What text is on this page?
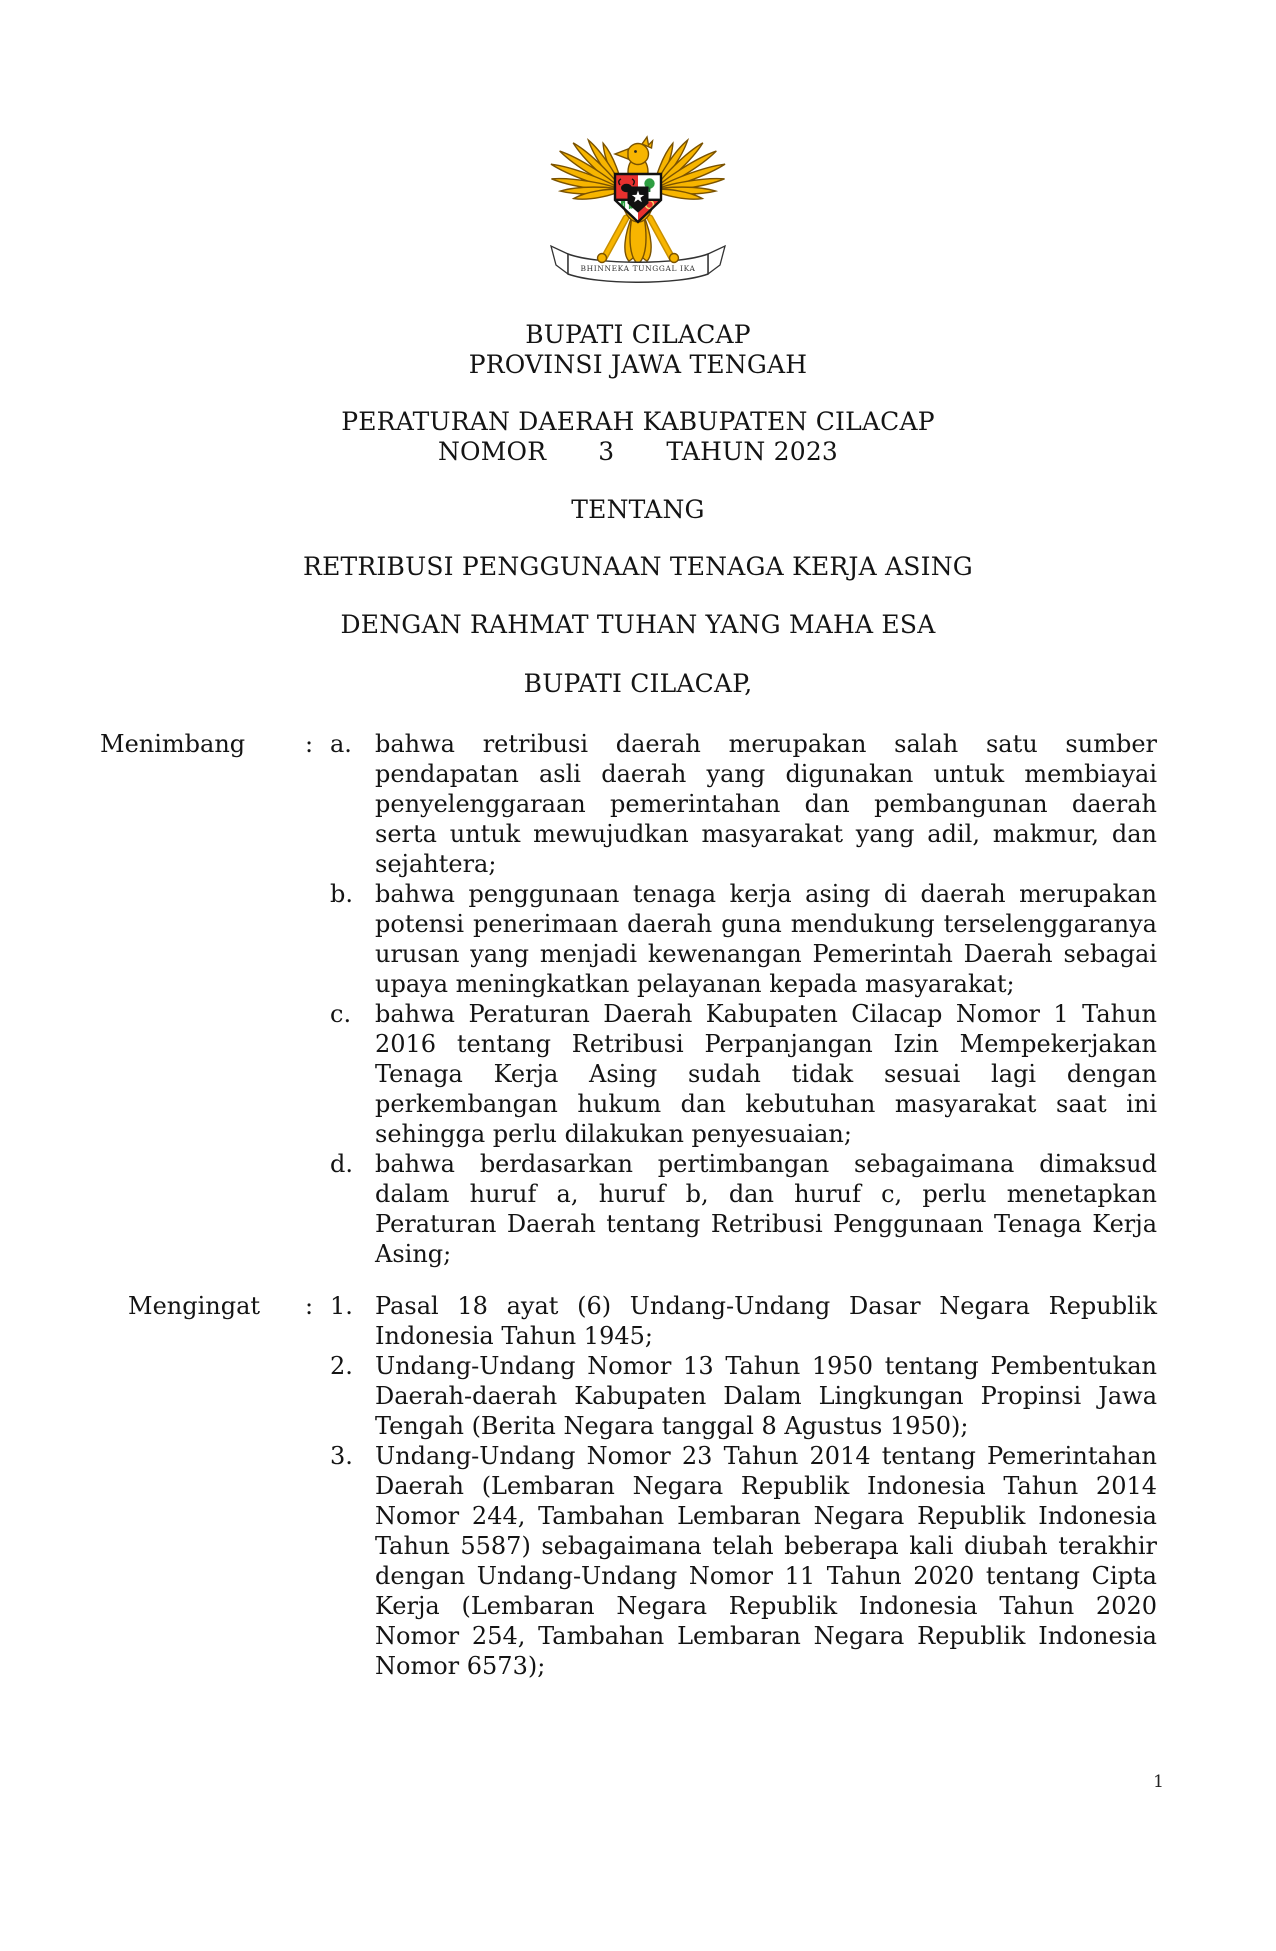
BHINNEKA TUNGGAL IKA
BUPATI CILACAP
PROVINSI JAWA TENGAH
PERATURAN DAERAH KABUPATEN CILACAP
NOMOR 3 TAHUN 2023
TENTANG
RETRIBUSI PENGGUNAAN TENAGA KERJA ASING
DENGAN RAHMAT TUHAN YANG MAHA ESA
BUPATI CILACAP,
Menimbang	: a. bahwa retribusi daerah merupakan salah satu sumber pendapatan asli daerah yang digunakan untuk membiayai penyelenggaraan pemerintahan dan pembangunan daerah serta untuk mewujudkan masyarakat yang adil, makmur, dan sejahtera;
b. bahwa penggunaan tenaga kerja asing di daerah merupakan potensi penerimaan daerah guna mendukung terselenggaranya urusan yang menjadi kewenangan Pemerintah Daerah sebagai upaya meningkatkan pelayanan kepada masyarakat;
c. bahwa Peraturan Daerah Kabupaten Cilacap Nomor 1 Tahun 2016 tentang Retribusi Perpanjangan Izin Mempekerjakan Tenaga Kerja Asing sudah tidak sesuai lagi dengan perkembangan hukum dan kebutuhan masyarakat saat ini sehingga perlu dilakukan penyesuaian;
d. bahwa berdasarkan pertimbangan sebagaimana dimaksud dalam huruf a, huruf b, dan huruf c, perlu menetapkan Peraturan Daerah tentang Retribusi Penggunaan Tenaga Kerja Asing;
Mengingat	: 1. Pasal 18 ayat (6) Undang-Undang Dasar Negara Republik Indonesia Tahun 1945;
2. Undang-Undang Nomor 13 Tahun 1950 tentang Pembentukan Daerah-daerah Kabupaten Dalam Lingkungan Propinsi Jawa Tengah (Berita Negara tanggal 8 Agustus 1950);
3. Undang-Undang Nomor 23 Tahun 2014 tentang Pemerintahan Daerah (Lembaran Negara Republik Indonesia Tahun 2014 Nomor 244, Tambahan Lembaran Negara Republik Indonesia Tahun 5587) sebagaimana telah beberapa kali diubah terakhir dengan Undang-Undang Nomor 11 Tahun 2020 tentang Cipta Kerja (Lembaran Negara Republik Indonesia Tahun 2020 Nomor 254, Tambahan Lembaran Negara Republik Indonesia Nomor 6573);
1
